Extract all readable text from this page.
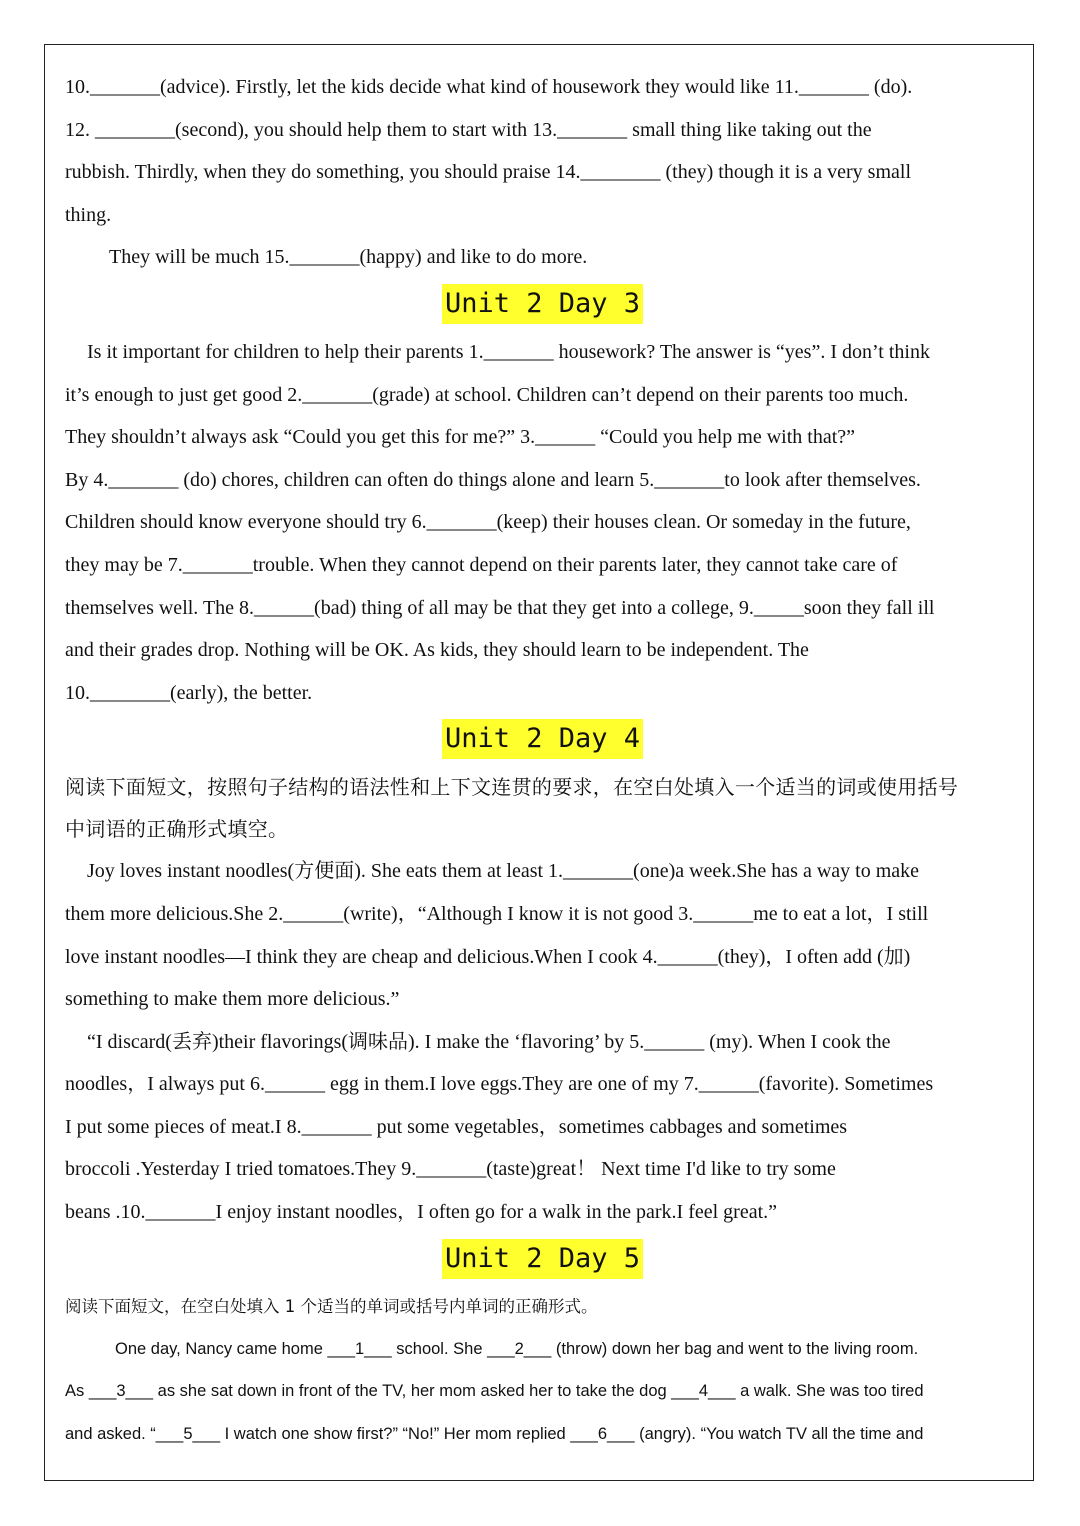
10._______(advice). Firstly, let the kids decide what kind of housework they would like 11._______ (do).
12. ________(second), you should help them to start with 13._______ small thing like taking out the
rubbish. Thirdly, when they do something, you should praise 14.________ (they) though it is a very small
thing.
They will be much 15._______(happy) and like to do more.
Unit 2 Day 3
Is it important for children to help their parents 1._______ housework? The answer is “yes”. I don’t think
it’s enough to just get good 2._______(grade) at school. Children can’t depend on their parents too much.
They shouldn’t always ask “Could you get this for me?” 3.______ “Could you help me with that?”
By 4._______ (do) chores, children can often do things alone and learn 5._______to look after themselves.
Children should know everyone should try 6._______(keep) their houses clean. Or someday in the future,
they may be 7._______trouble. When they cannot depend on their parents later, they cannot take care of
themselves well. The 8.______(bad) thing of all may be that they get into a college, 9._____soon they fall ill
and their grades drop. Nothing will be OK. As kids, they should learn to be independent. The
10.________(early), the better.
Unit 2 Day 4
阅读下面短文，按照句子结构的语法性和上下文连贯的要求，在空白处填入一个适当的词或使用括号
中词语的正确形式填空。
Joy loves instant noodles(方便面). She eats them at least 1._______(one)a week.She has a way to make
them more delicious.She 2.______(write)，“Although I know it is not good 3.______me to eat a lot，I still
love instant noodles—I think they are cheap and delicious.When I cook 4.______(they)，I often add (加)
something to make them more delicious.”
“I discard(丢弃)their flavorings(调味品). I make the ‘flavoring’ by 5.______ (my). When I cook the
noodles，I always put 6.______ egg in them.I love eggs.They are one of my 7.______(favorite). Sometimes
I put some pieces of meat.I 8._______ put some vegetables，sometimes cabbages and sometimes
broccoli .Yesterday I tried tomatoes.They 9._______(taste)great！ Next time I'd like to try some
beans .10._______I enjoy instant noodles，I often go for a walk in the park.I feel great.”
Unit 2 Day 5
阅读下面短文，在空白处填入 1 个适当的单词或括号内单词的正确形式。
One day, Nancy came home ___1___ school. She ___2___ (throw) down her bag and went to the living room.
As ___3___ as she sat down in front of the TV, her mom asked her to take the dog ___4___ a walk. She was too tired
and asked. “___5___ I watch one show first?” “No!” Her mom replied ___6___ (angry). “You watch TV all the time and
